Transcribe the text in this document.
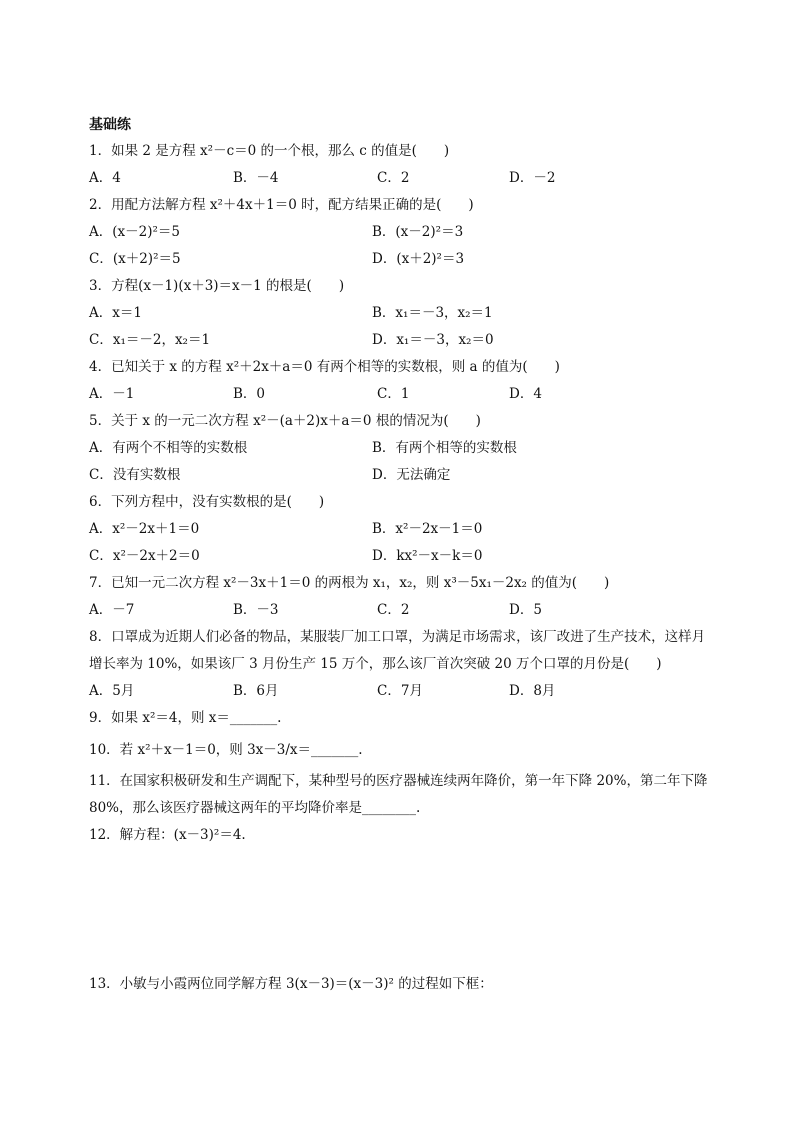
基础练
1．如果 2 是方程 x²－c＝0 的一个根，那么 c 的值是(　　)
A．4	B．－4	C．2	D．－2
2．用配方法解方程 x²＋4x＋1＝0 时，配方结果正确的是(　　)
A．(x－2)²＝5	B．(x－2)²＝3
C．(x＋2)²＝5	D．(x＋2)²＝3
3．方程(x－1)(x＋3)＝x－1 的根是(　　)
A．x＝1	B．x₁＝－3，x₂＝1
C．x₁＝－2，x₂＝1	D．x₁＝－3，x₂＝0
4．已知关于 x 的方程 x²＋2x＋a＝0 有两个相等的实数根，则 a 的值为(　　)
A．－1	B．0	C．1	D．4
5．关于 x 的一元二次方程 x²－(a＋2)x＋a＝0 根的情况为(　　)
A．有两个不相等的实数根	B．有两个相等的实数根
C．没有实数根	D．无法确定
6．下列方程中，没有实数根的是(　　)
A．x²－2x＋1＝0	B．x²－2x－1＝0
C．x²－2x＋2＝0	D．kx²－x－k＝0
7．已知一元二次方程 x²－3x＋1＝0 的两根为 x₁，x₂，则 x³－5x₁－2x₂ 的值为(　　)
A．－7	B．－3	C．2	D．5
8．口罩成为近期人们必备的物品，某服装厂加工口罩，为满足市场需求，该厂改进了生产技术，这样月增长率为 10%，如果该厂 3 月份生产 15 万个，那么该厂首次突破 20 万个口罩的月份是(　　)
A．5月	B．6月	C．7月	D．8月
9．如果 x²＝4，则 x＝_______.
10．若 x²＋x－1＝0，则 3x－3/x＝_______.
11．在国家积极研发和生产调配下，某种型号的医疗器械连续两年降价，第一年下降 20%，第二年下降 80%，那么该医疗器械这两年的平均降价率是________.
12．解方程：(x－3)²＝4.
13．小敏与小霞两位同学解方程 3(x－3)＝(x－3)² 的过程如下框：
